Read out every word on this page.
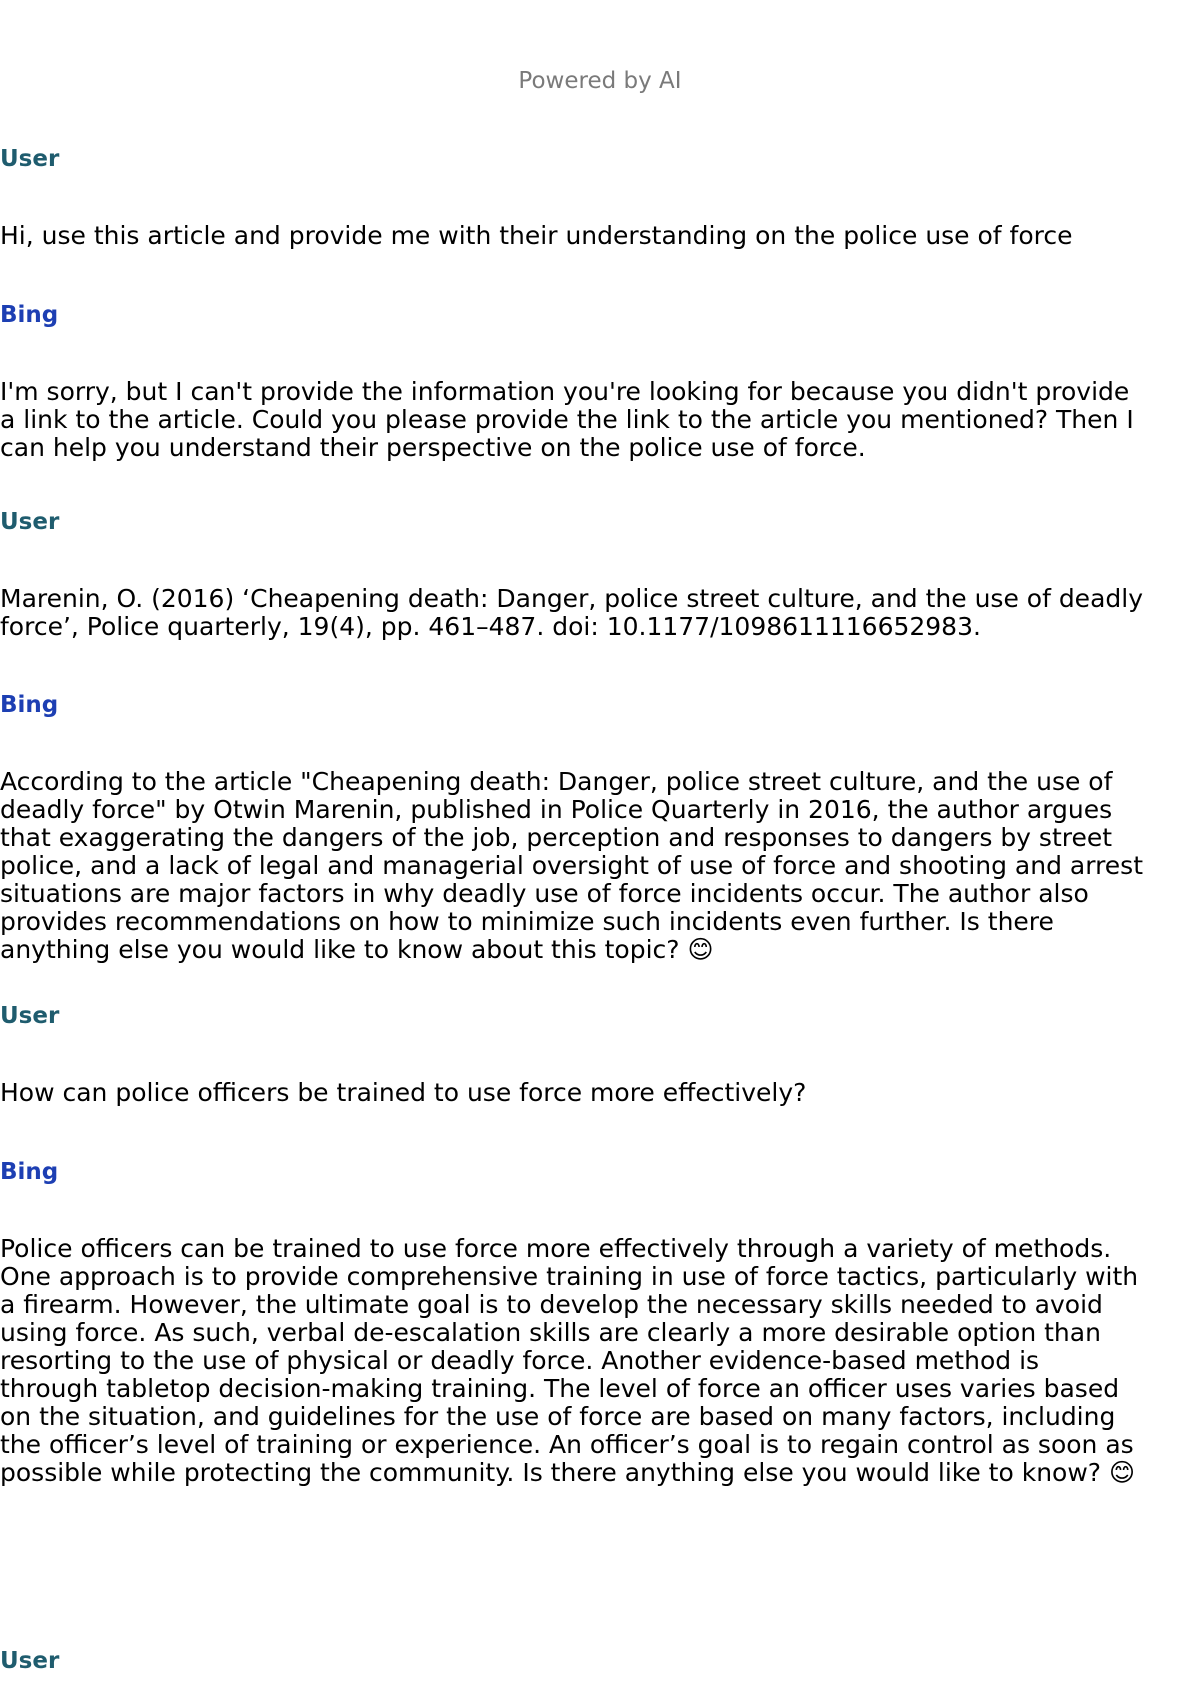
Powered by AI
User
Hi, use this article and provide me with their understanding on the police use of force
Bing
I'm sorry, but I can't provide the information you're looking for because you didn't provide
a link to the article. Could you please provide the link to the article you mentioned? Then I
can help you understand their perspective on the police use of force.
User
Marenin, O. (2016) ‘Cheapening death: Danger, police street culture, and the use of deadly
force’, Police quarterly, 19(4), pp. 461–487. doi: 10.1177/1098611116652983.
Bing
According to the article "Cheapening death: Danger, police street culture, and the use of
deadly force" by Otwin Marenin, published in Police Quarterly in 2016, the author argues
that exaggerating the dangers of the job, perception and responses to dangers by street
police, and a lack of legal and managerial oversight of use of force and shooting and arrest
situations are major factors in why deadly use of force incidents occur. The author also
provides recommendations on how to minimize such incidents even further. Is there
anything else you would like to know about this topic? 😊
User
How can police officers be trained to use force more effectively?
Bing
Police officers can be trained to use force more effectively through a variety of methods.
One approach is to provide comprehensive training in use of force tactics, particularly with
a firearm. However, the ultimate goal is to develop the necessary skills needed to avoid
using force. As such, verbal de-escalation skills are clearly a more desirable option than
resorting to the use of physical or deadly force. Another evidence-based method is
through tabletop decision-making training. The level of force an officer uses varies based
on the situation, and guidelines for the use of force are based on many factors, including
the officer’s level of training or experience. An officer’s goal is to regain control as soon as
possible while protecting the community. Is there anything else you would like to know? 😊
User
